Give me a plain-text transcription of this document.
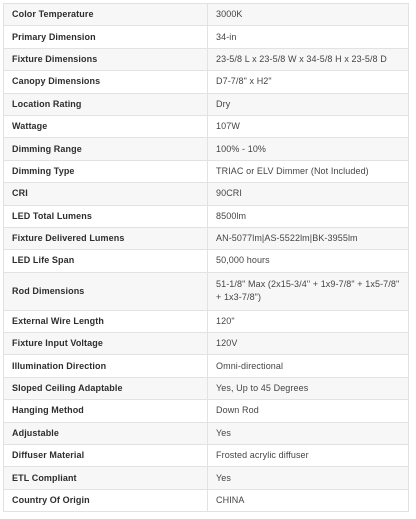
Color Temperature	3000K
Primary Dimension	34-in
Fixture Dimensions	23-5/8 L x 23-5/8 W x 34-5/8 H x 23-5/8 D
Canopy Dimensions	D7-7/8" x H2"
Location Rating	Dry
Wattage	107W
Dimming Range	100% - 10%
Dimming Type	TRIAC or ELV Dimmer (Not Included)
CRI	90CRI
LED Total Lumens	8500lm
Fixture Delivered Lumens	AN-5077lm|AS-5522lm|BK-3955lm
LED Life Span	50,000 hours
Rod Dimensions	51-1/8" Max (2x15-3/4" + 1x9-7/8" + 1x5-7/8" + 1x3-7/8")
External Wire Length	120"
Fixture Input Voltage	120V
Illumination Direction	Omni-directional
Sloped Ceiling Adaptable	Yes, Up to 45 Degrees
Hanging Method	Down Rod
Adjustable	Yes
Diffuser Material	Frosted acrylic diffuser
ETL Compliant	Yes
Country Of Origin	CHINA
